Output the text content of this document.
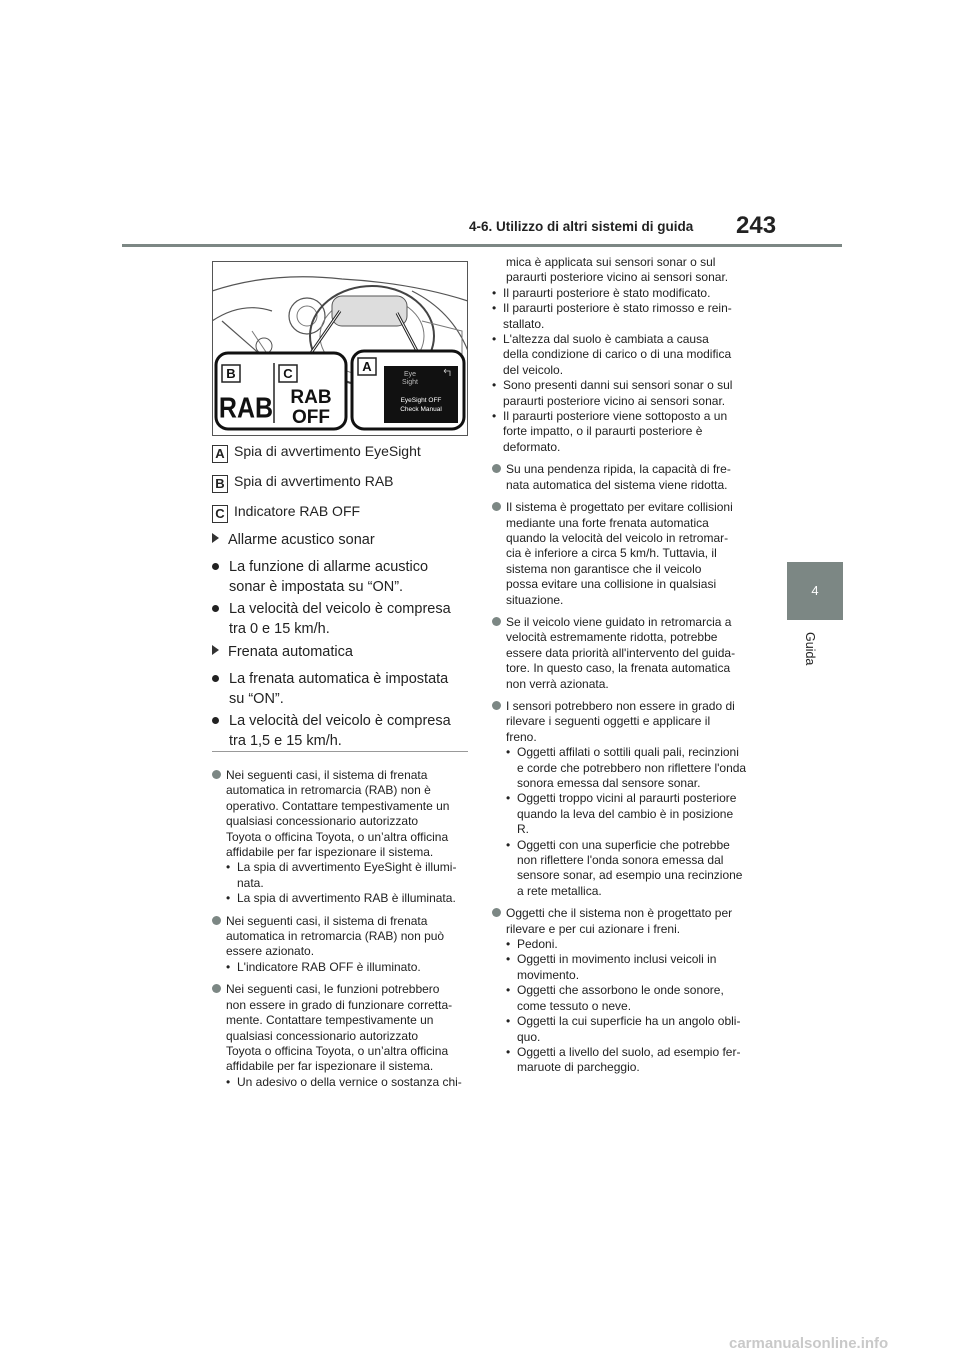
4-6. Utilizzo di altri sistemi di guida 243
4
Guida
B	C
RAB RAB
OFF
A
Eye
Sight
EyeSight OFF
Check Manual
A Spia di avvertimento EyeSight
B Spia di avvertimento RAB
C Indicatore RAB OFF
Allarme acustico sonar
La funzione di allarme acustico
sonar è impostata su “ON”.
La velocità del veicolo è compresa
tra 0 e 15 km/h.
Frenata automatica
La frenata automatica è impostata
su “ON”.
La velocità del veicolo è compresa
tra 1,5 e 15 km/h.
Nei seguenti casi, il sistema di frenata
automatica in retromarcia (RAB) non è
operativo. Contattare tempestivamente un
qualsiasi concessionario autorizzato
Toyota o officina Toyota, o un’altra officina
affidabile per far ispezionare il sistema.
• La spia di avvertimento EyeSight è illumi-
nata.
• La spia di avvertimento RAB è illuminata.
Nei seguenti casi, il sistema di frenata
automatica in retromarcia (RAB) non può
essere azionato.
• L'indicatore RAB OFF è illuminato.
Nei seguenti casi, le funzioni potrebbero
non essere in grado di funzionare corretta-
mente. Contattare tempestivamente un
qualsiasi concessionario autorizzato
Toyota o officina Toyota, o un’altra officina
affidabile per far ispezionare il sistema.
• Un adesivo o della vernice o sostanza chi-
mica è applicata sui sensori sonar o sul
paraurti posteriore vicino ai sensori sonar.
• Il paraurti posteriore è stato modificato.
• Il paraurti posteriore è stato rimosso e rein-
stallato.
• L'altezza dal suolo è cambiata a causa
della condizione di carico o di una modifica
del veicolo.
• Sono presenti danni sui sensori sonar o sul
paraurti posteriore vicino ai sensori sonar.
• Il paraurti posteriore viene sottoposto a un
forte impatto, o il paraurti posteriore è
deformato.
Su una pendenza ripida, la capacità di fre-
nata automatica del sistema viene ridotta.
Il sistema è progettato per evitare collisioni
mediante una forte frenata automatica
quando la velocità del veicolo in retromar-
cia è inferiore a circa 5 km/h. Tuttavia, il
sistema non garantisce che il veicolo
possa evitare una collisione in qualsiasi
situazione.
Se il veicolo viene guidato in retromarcia a
velocità estremamente ridotta, potrebbe
essere data priorità all'intervento del guida-
tore. In questo caso, la frenata automatica
non verrà azionata.
I sensori potrebbero non essere in grado di
rilevare i seguenti oggetti e applicare il
freno.
• Oggetti affilati o sottili quali pali, recinzioni
e corde che potrebbero non riflettere l'onda
sonora emessa dal sensore sonar.
• Oggetti troppo vicini al paraurti posteriore
quando la leva del cambio è in posizione
R.
• Oggetti con una superficie che potrebbe
non riflettere l'onda sonora emessa dal
sensore sonar, ad esempio una recinzione
a rete metallica.
Oggetti che il sistema non è progettato per
rilevare e per cui azionare i freni.
• Pedoni.
• Oggetti in movimento inclusi veicoli in
movimento.
• Oggetti che assorbono le onde sonore,
come tessuto o neve.
• Oggetti la cui superficie ha un angolo obli-
quo.
• Oggetti a livello del suolo, ad esempio fer-
maruote di parcheggio.
carmanualsonline.info
